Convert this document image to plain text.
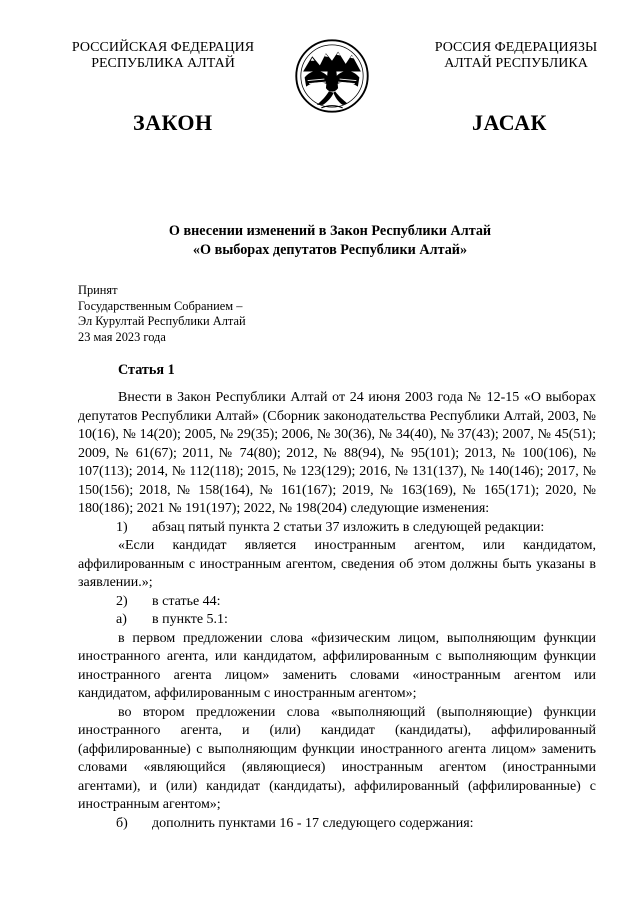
РОССИЙСКАЯ ФЕДЕРАЦИЯ
РЕСПУБЛИКА АЛТАЙ
РОССИЯ ФЕДЕРАЦИЯЗЫ
АЛТАЙ РЕСПУБЛИКА
ЗАКОН	ЈАСАК
О внесении изменений в Закон Республики Алтай
«О выборах депутатов Республики Алтай»
Принят
Государственным Собранием –
Эл Курултай Республики Алтай
23 мая 2023 года
Статья 1

Внести в Закон Республики Алтай от 24 июня 2003 года № 12-15 «О выборах депутатов Республики Алтай» (Сборник законодательства Республики Алтай, 2003, № 10(16), № 14(20); 2005, № 29(35); 2006, № 30(36), № 34(40), № 37(43); 2007, № 45(51); 2009, № 61(67); 2011, № 74(80); 2012, № 88(94), № 95(101); 2013, № 100(106), № 107(113); 2014, № 112(118); 2015, № 123(129); 2016, № 131(137), № 140(146); 2017, № 150(156); 2018, № 158(164), № 161(167); 2019, № 163(169), № 165(171); 2020, № 180(186); 2021 № 191(197); 2022, № 198(204) следующие изменения:

1) абзац пятый пункта 2 статьи 37 изложить в следующей редакции:

«Если кандидат является иностранным агентом, или кандидатом, аффилированным с иностранным агентом, сведения об этом должны быть указаны в заявлении.»;

2) в статье 44:

а) в пункте 5.1:

в первом предложении слова «физическим лицом, выполняющим функции иностранного агента, или кандидатом, аффилированным с выполняющим функции иностранного агента лицом» заменить словами «иностранным агентом или кандидатом, аффилированным с иностранным агентом»;

во втором предложении слова «выполняющий (выполняющие) функции иностранного агента, и (или) кандидат (кандидаты), аффилированный (аффилированные) с выполняющим функции иностранного агента лицом» заменить словами «являющийся (являющиеся) иностранным агентом (иностранными агентами), и (или) кандидат (кандидаты), аффилированный (аффилированные) с иностранным агентом»;

б) дополнить пунктами 16 - 17 следующего содержания:
